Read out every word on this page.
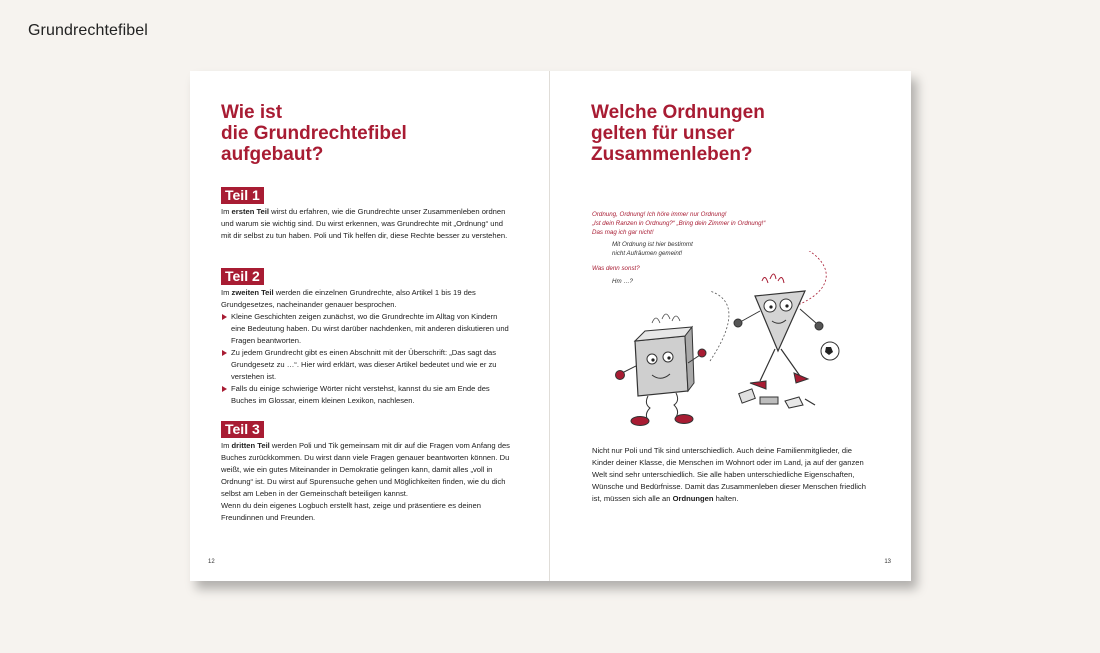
Grundrechtefibel
Wie ist
die Grundrechtefibel
aufgebaut?
Teil 1

Im ersten Teil wirst du erfahren, wie die Grundrechte unser Zusammenleben ordnen und warum sie wichtig sind. Du wirst erkennen, was Grundrechte mit „Ordnung“ und mit dir selbst zu tun haben. Poli und Tik helfen dir, diese Rechte besser zu verstehen.

Teil 2

Im zweiten Teil werden die einzelnen Grundrechte, also Artikel 1 bis 19 des Grundgesetzes, nacheinander genauer besprochen.

Kleine Geschichten zeigen zunächst, wo die Grundrechte im Alltag von Kindern eine Bedeutung haben. Du wirst darüber nachdenken, mit anderen diskutieren und Fragen beantworten.
Zu jedem Grundrecht gibt es einen Abschnitt mit der Überschrift: „Das sagt das Grundgesetz zu …“. Hier wird erklärt, was dieser Artikel bedeutet und wie er zu verstehen ist.
Falls du einige schwierige Wörter nicht verstehst, kannst du sie am Ende des Buches im Glossar, einem kleinen Lexikon, nachlesen.
Teil 3

Im dritten Teil werden Poli und Tik gemeinsam mit dir auf die Fragen vom Anfang des Buches zurückkommen. Du wirst dann viele Fragen genauer beantworten können. Du weißt, wie ein gutes Miteinander in Demokratie gelingen kann, damit alles „voll in Ordnung“ ist. Du wirst auf Spurensuche gehen und Möglichkeiten finden, wie du dich selbst am Leben in der Gemeinschaft beteiligen kannst.

Wenn du dein eigenes Logbuch erstellt hast, zeige und präsentiere es deinen Freundinnen und Freunden.

12
Welche Ordnungen
gelten für unser
Zusammenleben?
Ordnung, Ordnung! Ich höre immer nur Ordnung!
„Ist dein Ranzen in Ordnung?“ „Bring dein Zimmer in Ordnung!“
Das mag ich gar nicht!
Mit Ordnung ist hier bestimmt
nicht Aufräumen gemeint!
Was denn sonst?
Hm …?

Nicht nur Poli und Tik sind unterschiedlich. Auch deine Familienmitglieder, die Kinder deiner Klasse, die Menschen im Wohnort oder im Land, ja auf der ganzen Welt sind sehr unterschiedlich. Sie alle haben unterschiedliche Eigenschaften, Wünsche und Bedürfnisse. Damit das Zusammenleben dieser Menschen friedlich ist, müssen sich alle an Ordnungen halten.

13
